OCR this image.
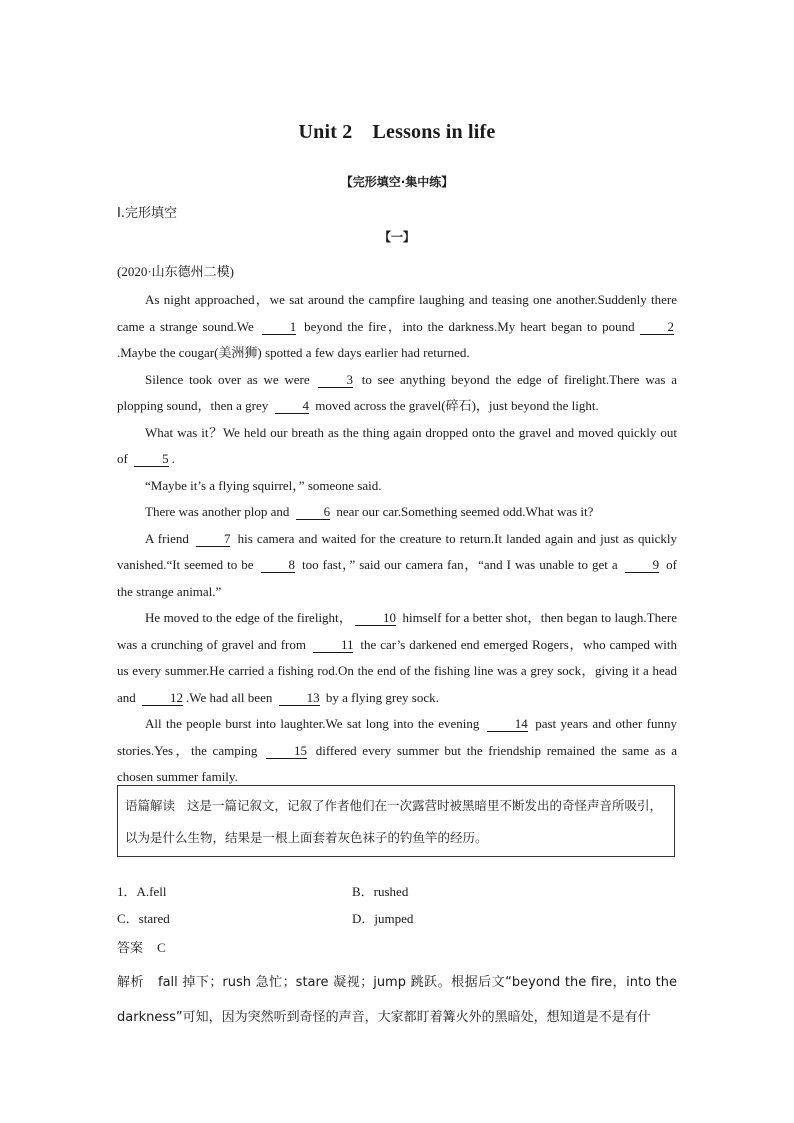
Unit 2 Lessons in life
【完形填空·集中练】
Ⅰ.完形填空
【一】
(2020·山东德州二模)

As night approached，we sat around the campfire laughing and teasing one another.Suddenly there came a strange sound.We 1 beyond the fire，into the darkness.My heart began to pound 2.Maybe the cougar(美洲狮) spotted a few days earlier had returned.

Silence took over as we were 3 to see anything beyond the edge of firelight.There was a plopping sound，then a grey 4 moved across the gravel(碎石)，just beyond the light.

What was it？We held our breath as the thing again dropped onto the gravel and moved quickly out of 5 .

“Maybe it’s a flying squirrel，” someone said.

There was another plop and 6 near our car.Something seemed odd.What was it?

A friend 7 his camera and waited for the creature to return.It landed again and just as quickly vanished.“It seemed to be 8 too fast，” said our camera fan，“and I was unable to get a 9 of the strange animal.”

He moved to the edge of the firelight， 10 himself for a better shot，then began to laugh.There was a crunching of gravel and from 11 the car’s darkened end emerged Rogers，who camped with us every summer.He carried a fishing rod.On the end of the fishing line was a grey sock，giving it a head and 12 .We had all been 13 by a flying grey sock.

All the people burst into laughter.We sat long into the evening 14 past years and other funny stories.Yes，the camping 15 differed every summer but the friendship remained the same as a chosen summer family.

语篇解读 这是一篇记叙文，记叙了作者他们在一次露营时被黑暗里不断发出的奇怪声音所吸引，以为是什么生物，结果是一根上面套着灰色袜子的钓鱼竿的经历。
1．A.fell	B．rushed
C．stared	D．jumped
答案 C
解析 fall 掉下；rush 急忙；stare 凝视；jump 跳跃。根据后文“beyond the fire，into the darkness”可知，因为突然听到奇怪的声音，大家都盯着篝火外的黑暗处，想知道是不是有什
